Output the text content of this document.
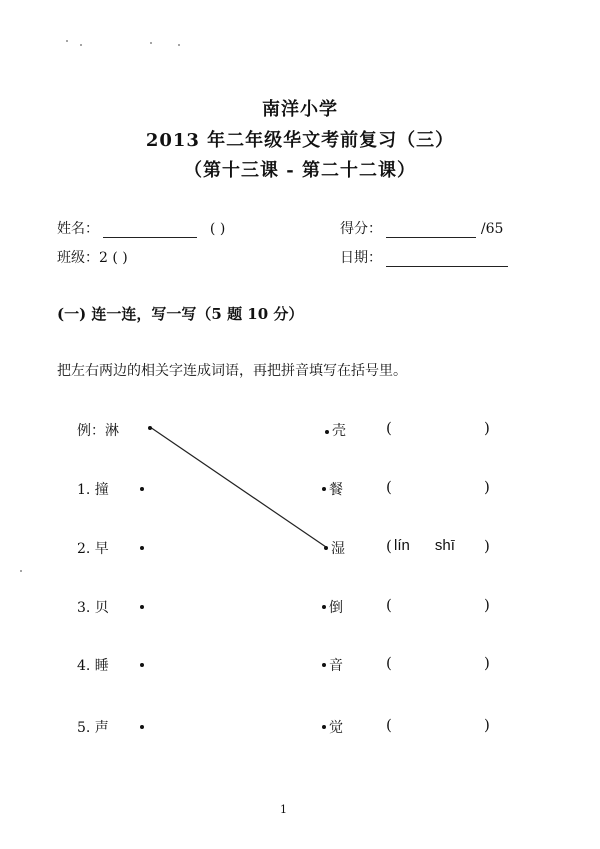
南洋小学
2013 年二年级华文考前复习（三）
（第十三课 - 第二十二课）
姓名：	( )	得分：	/65
班级：2 ( )	日期：
(一) 连一连，写一写（5 题 10 分）
把左右两边的相关字连成词语，再把拼音填写在括号里。
例：淋	壳	(	)
1. 撞	餐	(	)
2. 早	湿	( lín      shī )
3. 贝	倒	(	)
4. 睡	音	(	)
5. 声	觉	(	)
1
